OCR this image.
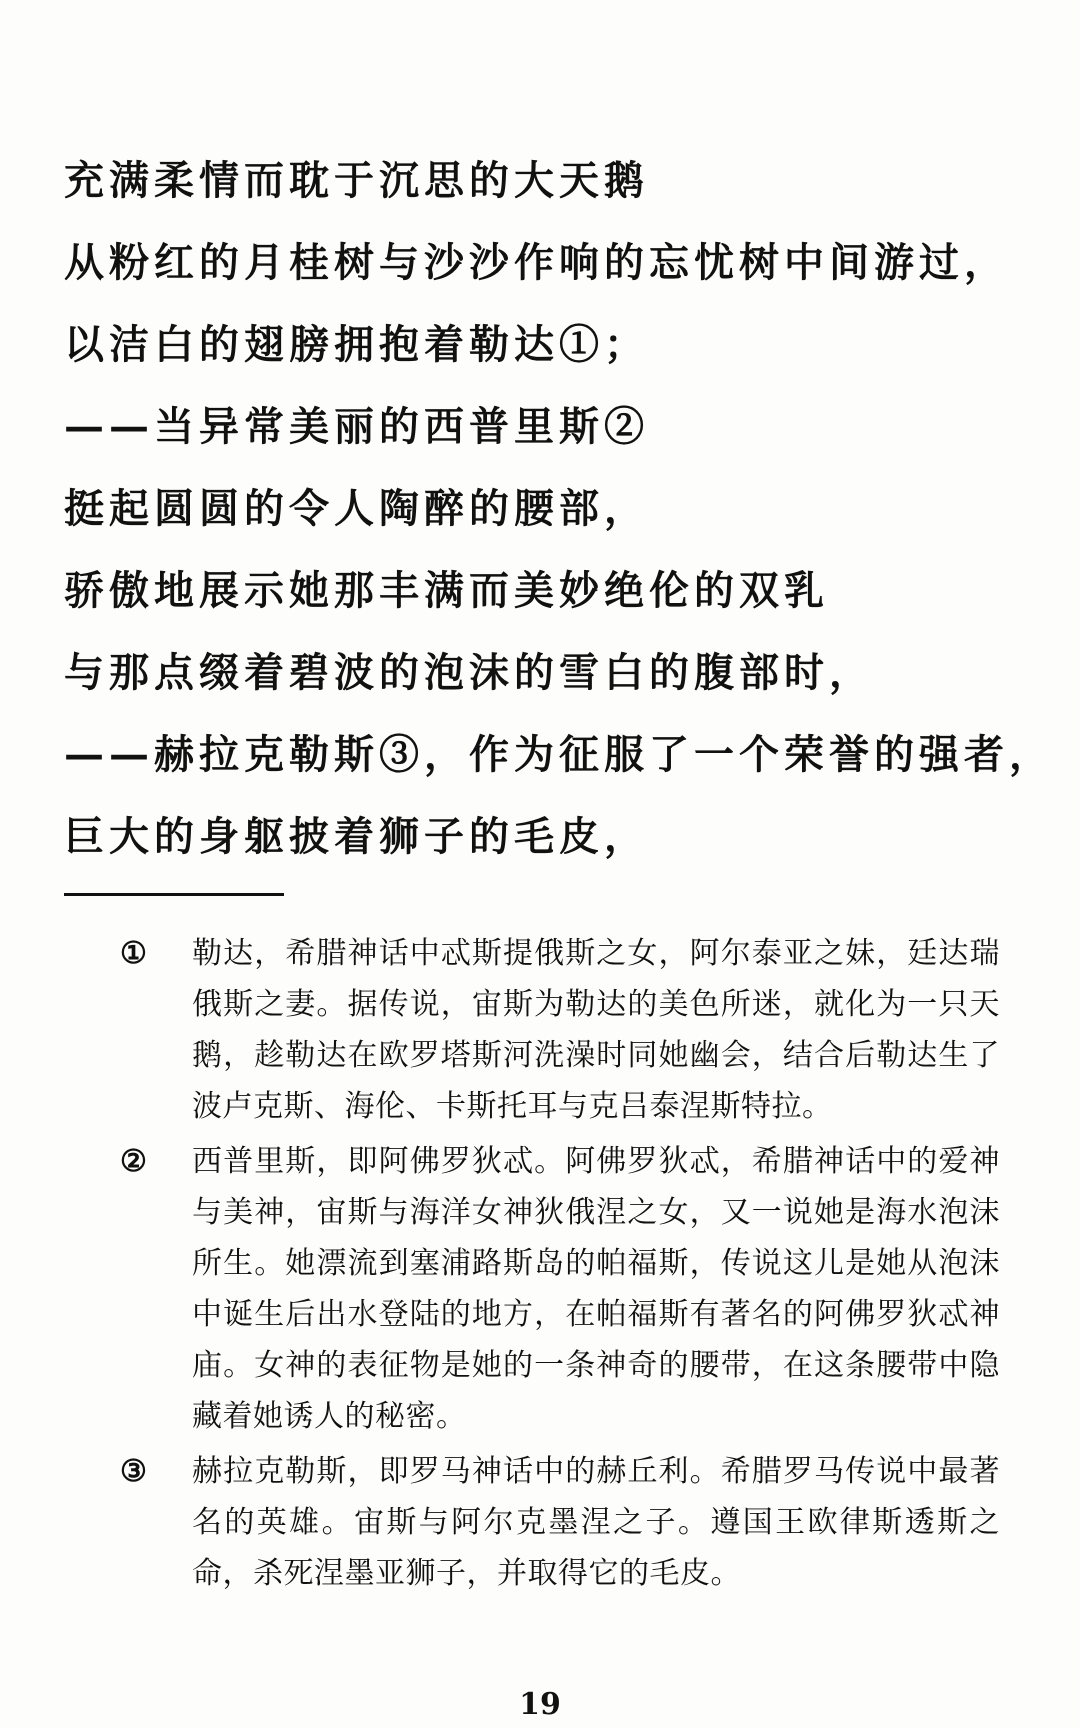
充满柔情而耽于沉思的大天鹅
从粉红的月桂树与沙沙作响的忘忧树中间游过，
以洁白的翅膀拥抱着勒达①；
——当异常美丽的西普里斯②
挺起圆圆的令人陶醉的腰部，
骄傲地展示她那丰满而美妙绝伦的双乳
与那点缀着碧波的泡沫的雪白的腹部时，
——赫拉克勒斯③，作为征服了一个荣誉的强者，
巨大的身躯披着狮子的毛皮，
① 勒达，希腊神话中忒斯提俄斯之女，阿尔泰亚之妹，廷达瑞俄斯之妻。据传说，宙斯为勒达的美色所迷，就化为一只天鹅，趁勒达在欧罗塔斯河洗澡时同她幽会，结合后勒达生了波卢克斯、海伦、卡斯托耳与克吕泰涅斯特拉。
② 西普里斯，即阿佛罗狄忒。阿佛罗狄忒，希腊神话中的爱神与美神，宙斯与海洋女神狄俄涅之女，又一说她是海水泡沫所生。她漂流到塞浦路斯岛的帕福斯，传说这儿是她从泡沫中诞生后出水登陆的地方，在帕福斯有著名的阿佛罗狄忒神庙。女神的表征物是她的一条神奇的腰带，在这条腰带中隐藏着她诱人的秘密。
③ 赫拉克勒斯，即罗马神话中的赫丘利。希腊罗马传说中最著名的英雄。宙斯与阿尔克墨涅之子。遵国王欧律斯透斯之命，杀死涅墨亚狮子，并取得它的毛皮。
19
